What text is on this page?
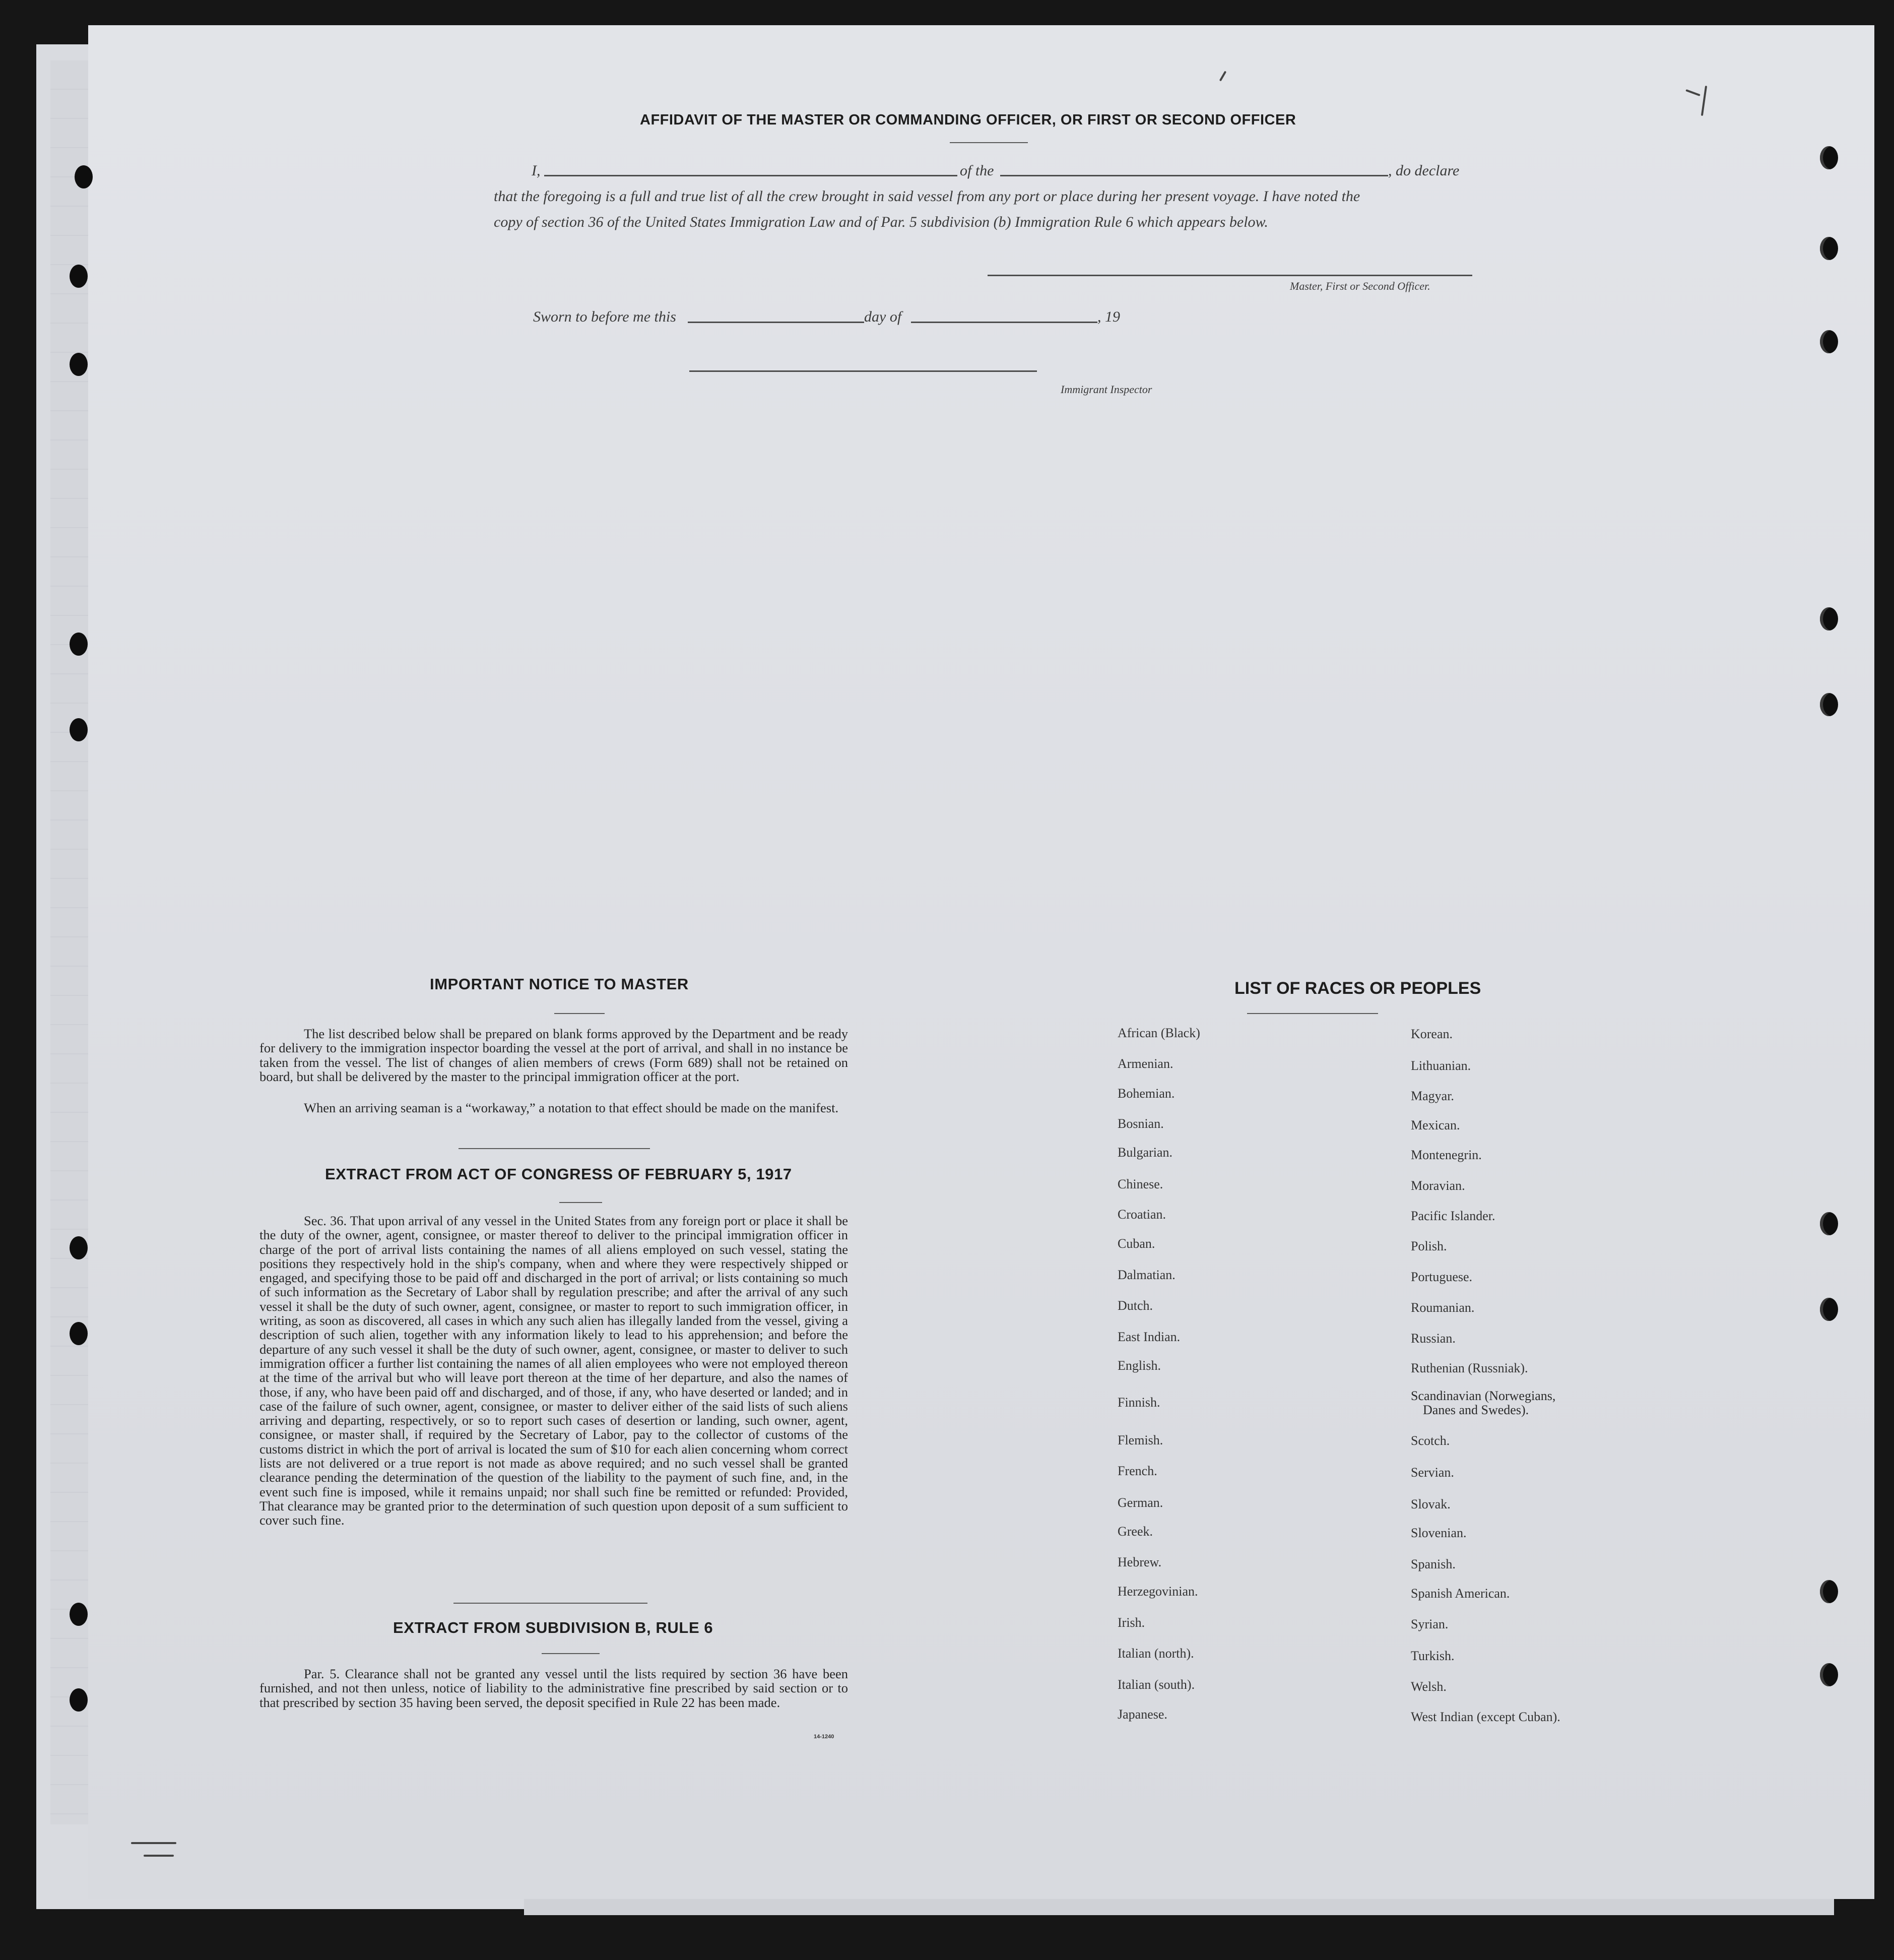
AFFIDAVIT OF THE MASTER OR COMMANDING OFFICER, OR FIRST OR SECOND OFFICER
I,	of the	, do declare
that the foregoing is a full and true list of all the crew brought in said vessel from any port or place during her present voyage. I have noted the
copy of section 36 of the United States Immigration Law and of Par. 5 subdivision (b) Immigration Rule 6 which appears below.
Master, First or Second Officer.
Sworn to before me this	day of	, 19
Immigrant Inspector
IMPORTANT NOTICE TO MASTER
The list described below shall be prepared on blank forms approved by the Department and be ready for delivery to the immigration inspector boarding the vessel at the port of arrival, and shall in no instance be taken from the vessel. The list of changes of alien members of crews (Form 689) shall not be retained on board, but shall be delivered by the master to the principal immigration officer at the port.
When an arriving seaman is a “workaway,” a notation to that effect should be made on the manifest.
EXTRACT FROM ACT OF CONGRESS OF FEBRUARY 5, 1917
Sec. 36. That upon arrival of any vessel in the United States from any foreign port or place it shall be the duty of the owner, agent, consignee, or master thereof to deliver to the principal immigration officer in charge of the port of arrival lists containing the names of all aliens employed on such vessel, stating the positions they respectively hold in the ship's company, when and where they were respectively shipped or engaged, and specifying those to be paid off and discharged in the port of arrival; or lists containing so much of such information as the Secretary of Labor shall by regulation prescribe; and after the arrival of any such vessel it shall be the duty of such owner, agent, consignee, or master to report to such immigration officer, in writing, as soon as discovered, all cases in which any such alien has illegally landed from the vessel, giving a description of such alien, together with any information likely to lead to his apprehension; and before the departure of any such vessel it shall be the duty of such owner, agent, consignee, or master to deliver to such immigration officer a further list containing the names of all alien employees who were not employed thereon at the time of the arrival but who will leave port thereon at the time of her departure, and also the names of those, if any, who have been paid off and discharged, and of those, if any, who have deserted or landed; and in case of the failure of such owner, agent, consignee, or master to deliver either of the said lists of such aliens arriving and departing, respectively, or so to report such cases of desertion or landing, such owner, agent, consignee, or master shall, if required by the Secretary of Labor, pay to the collector of customs of the customs district in which the port of arrival is located the sum of $10 for each alien concerning whom correct lists are not delivered or a true report is not made as above required; and no such vessel shall be granted clearance pending the determination of the question of the liability to the payment of such fine, and, in the event such fine is imposed, while it remains unpaid; nor shall such fine be remitted or refunded: Provided, That clearance may be granted prior to the determination of such question upon deposit of a sum sufficient to cover such fine.
EXTRACT FROM SUBDIVISION B, RULE 6
Par. 5. Clearance shall not be granted any vessel until the lists required by section 36 have been furnished, and not then unless, notice of liability to the administrative fine prescribed by said section or to that prescribed by section 35 having been served, the deposit specified in Rule 22 has been made.
14-1240
LIST OF RACES OR PEOPLES
African (Black)
Armenian.
Bohemian.
Bosnian.
Bulgarian.
Chinese.
Croatian.
Cuban.
Dalmatian.
Dutch.
East Indian.
English.
Finnish.
Flemish.
French.
German.
Greek.
Hebrew.
Herzegovinian.
Irish.
Italian (north).
Italian (south).
Japanese.
Korean.
Lithuanian.
Magyar.
Mexican.
Montenegrin.
Moravian.
Pacific Islander.
Polish.
Portuguese.
Roumanian.
Russian.
Ruthenian (Russniak).
Scandinavian (Norwegians, Danes and Swedes).
Scotch.
Servian.
Slovak.
Slovenian.
Spanish.
Spanish American.
Syrian.
Turkish.
Welsh.
West Indian (except Cuban).
